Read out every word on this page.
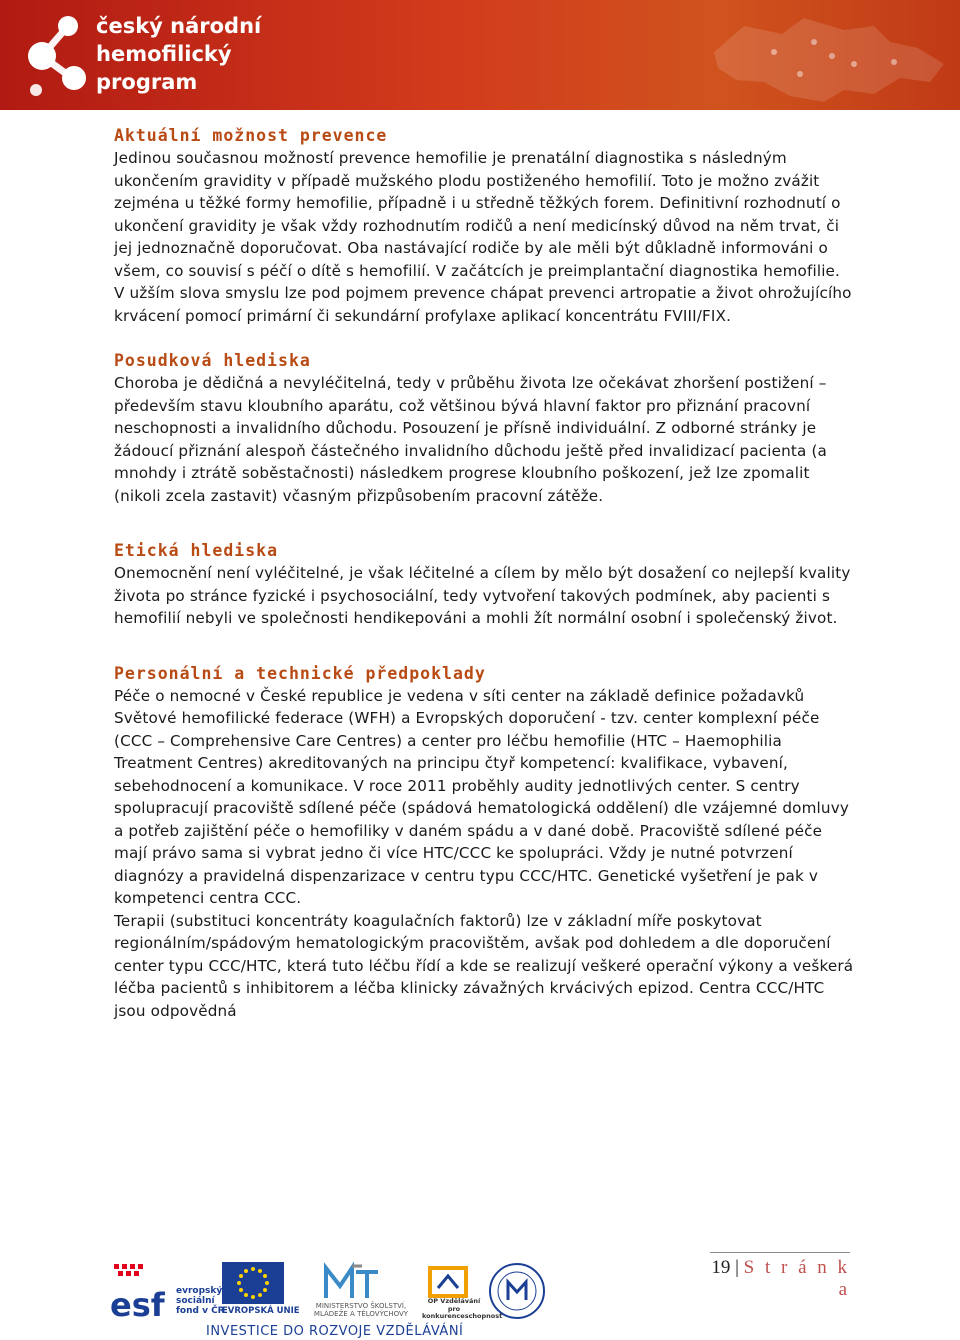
český národní
hemofilický
program
Aktuální možnost prevence

Jedinou současnou možností prevence hemofilie je prenatální diagnostika s následným ukončením gravidity v případě mužského plodu postiženého hemofilií. Toto je možno zvážit zejména u těžké formy hemofilie, případně i u středně těžkých forem. Definitivní rozhodnutí o ukončení gravidity je však vždy rozhodnutím rodičů a není medicínský důvod na něm trvat, či jej jednoznačně doporučovat. Oba nastávající rodiče by ale měli být důkladně informováni o všem, co souvisí s péčí o dítě s hemofilií. V začátcích je preimplantační diagnostika hemofilie.

V užším slova smyslu lze pod pojmem prevence chápat prevenci artropatie a život ohrožujícího krvácení pomocí primární či sekundární profylaxe aplikací koncentrátu FVIII/FIX.

Posudková hlediska

Choroba je dědičná a nevyléčitelná, tedy v průběhu života lze očekávat zhoršení postižení – především stavu kloubního aparátu, což většinou bývá hlavní faktor pro přiznání pracovní neschopnosti a invalidního důchodu. Posouzení je přísně individuální. Z odborné stránky je žádoucí přiznání alespoň částečného invalidního důchodu ještě před invalidizací pacienta (a mnohdy i ztrátě soběstačnosti) následkem progrese kloubního poškození, jež lze zpomalit (nikoli zcela zastavit) včasným přizpůsobením pracovní zátěže.

Etická hlediska

Onemocnění není vyléčitelné, je však léčitelné a cílem by mělo být dosažení co nejlepší kvality života po stránce fyzické i psychosociální, tedy vytvoření takových podmínek, aby pacienti s hemofilií nebyli ve společnosti hendikepováni a mohli žít normální osobní i společenský život.

Personální a technické předpoklady

Péče o nemocné v České republice je vedena v síti center na základě definice požadavků Světové hemofilické federace (WFH) a Evropských doporučení - tzv. center komplexní péče (CCC – Comprehensive Care Centres) a center pro léčbu hemofilie (HTC – Haemophilia Treatment Centres) akreditovaných na principu čtyř kompetencí: kvalifikace, vybavení, sebehodnocení a komunikace. V roce 2011 proběhly audity jednotlivých center. S centry spolupracují pracoviště sdílené péče (spádová hematologická oddělení) dle vzájemné domluvy a potřeb zajištění péče o hemofiliky v daném spádu a v dané době. Pracoviště sdílené péče mají právo sama si vybrat jedno či více HTC/CCC ke spolupráci. Vždy je nutné potvrzení diagnózy a pravidelná dispenzarizace v centru typu CCC/HTC. Genetické vyšetření je pak v kompetenci centra CCC.

Terapii (substituci koncentráty koagulačních faktorů) lze v základní míře poskytovat regionálním/spádovým hematologickým pracovištěm, avšak pod dohledem a dle doporučení center typu CCC/HTC, která tuto léčbu řídí a kde se realizují veškeré operační výkony a veškerá léčba pacientů s inhibitorem a léčba klinicky závažných krvácivých epizod. Centra CCC/HTC jsou odpovědná

19 | S t r á n k a
esf evropský
sociální
fond v ČR
EVROPSKÁ UNIE	MINISTERSTVO ŠKOLSTVÍ, MLÁDEŽE A TĚLOVÝCHOVY
OP Vzdělávání pro konkurenceschopnost
INVESTICE DO ROZVOJE VZDĚLÁVÁNÍ
